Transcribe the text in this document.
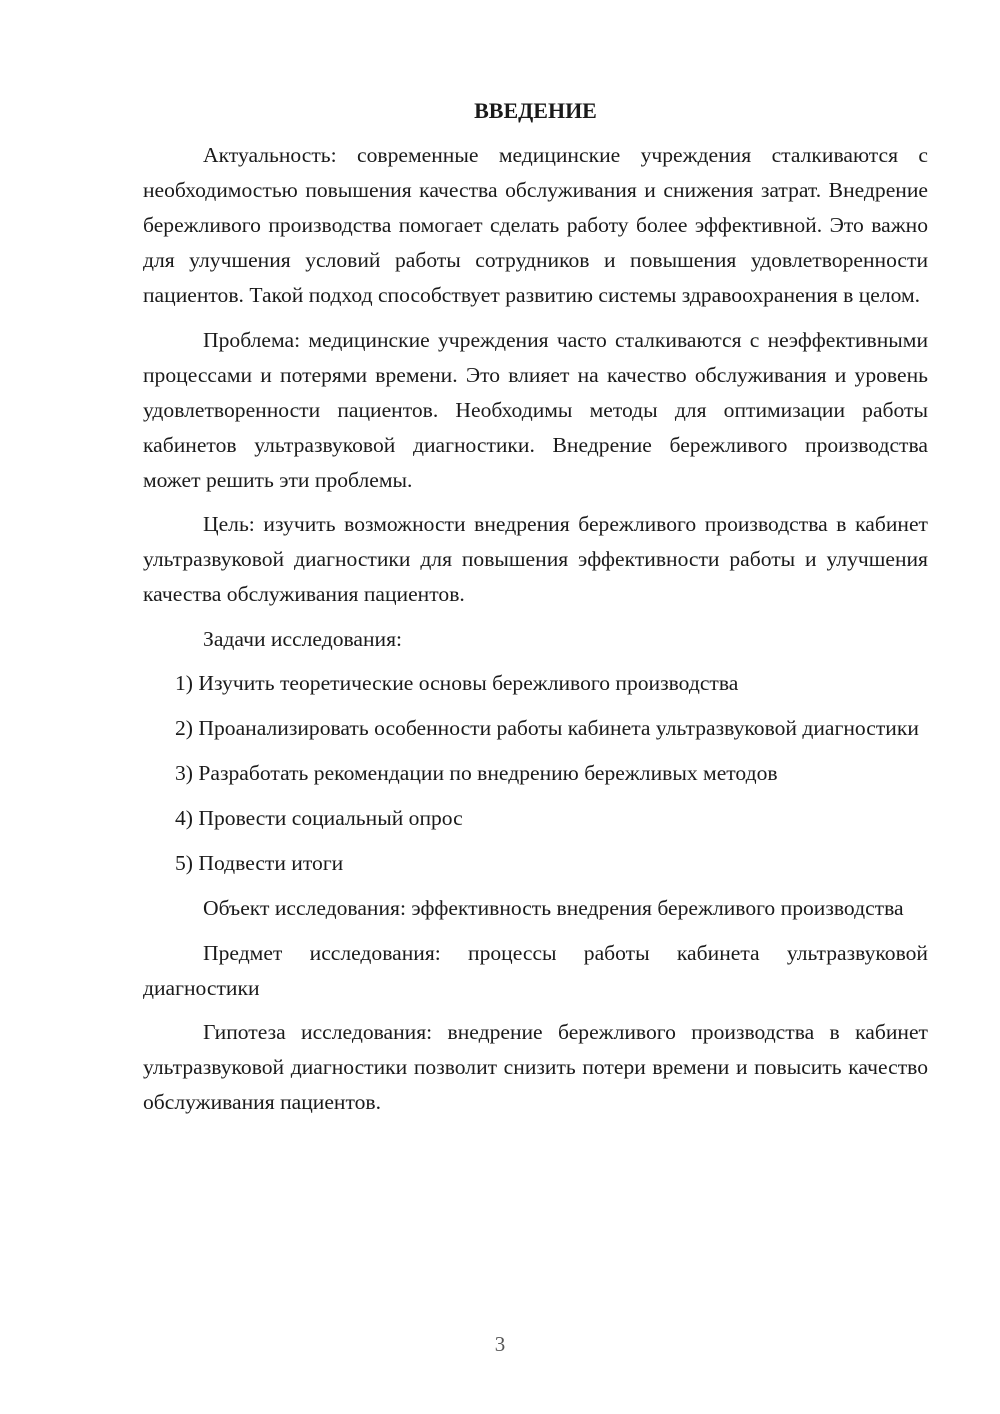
ВВЕДЕНИЕ

Актуальность: современные медицинские учреждения сталкиваются с необходимостью повышения качества обслуживания и снижения затрат. Внедрение бережливого производства помогает сделать работу более эффективной. Это важно для улучшения условий работы сотрудников и повышения удовлетворенности пациентов. Такой подход способствует развитию системы здравоохранения в целом.

Проблема: медицинские учреждения часто сталкиваются с неэффективными процессами и потерями времени. Это влияет на качество обслуживания и уровень удовлетворенности пациентов. Необходимы методы для оптимизации работы кабинетов ультразвуковой диагностики. Внедрение бережливого производства может решить эти проблемы.

Цель: изучить возможности внедрения бережливого производства в кабинет ультразвуковой диагностики для повышения эффективности работы и улучшения качества обслуживания пациентов.

Задачи исследования:

1) Изучить теоретические основы бережливого производства

2) Проанализировать особенности работы кабинета ультразвуковой диагностики

3) Разработать рекомендации по внедрению бережливых методов

4) Провести социальный опрос

5) Подвести итоги

Объект исследования: эффективность внедрения бережливого производства

Предмет исследования: процессы работы кабинета ультразвуковой диагностики

Гипотеза исследования: внедрение бережливого производства в кабинет ультразвуковой диагностики позволит снизить потери времени и повысить качество обслуживания пациентов.

3
